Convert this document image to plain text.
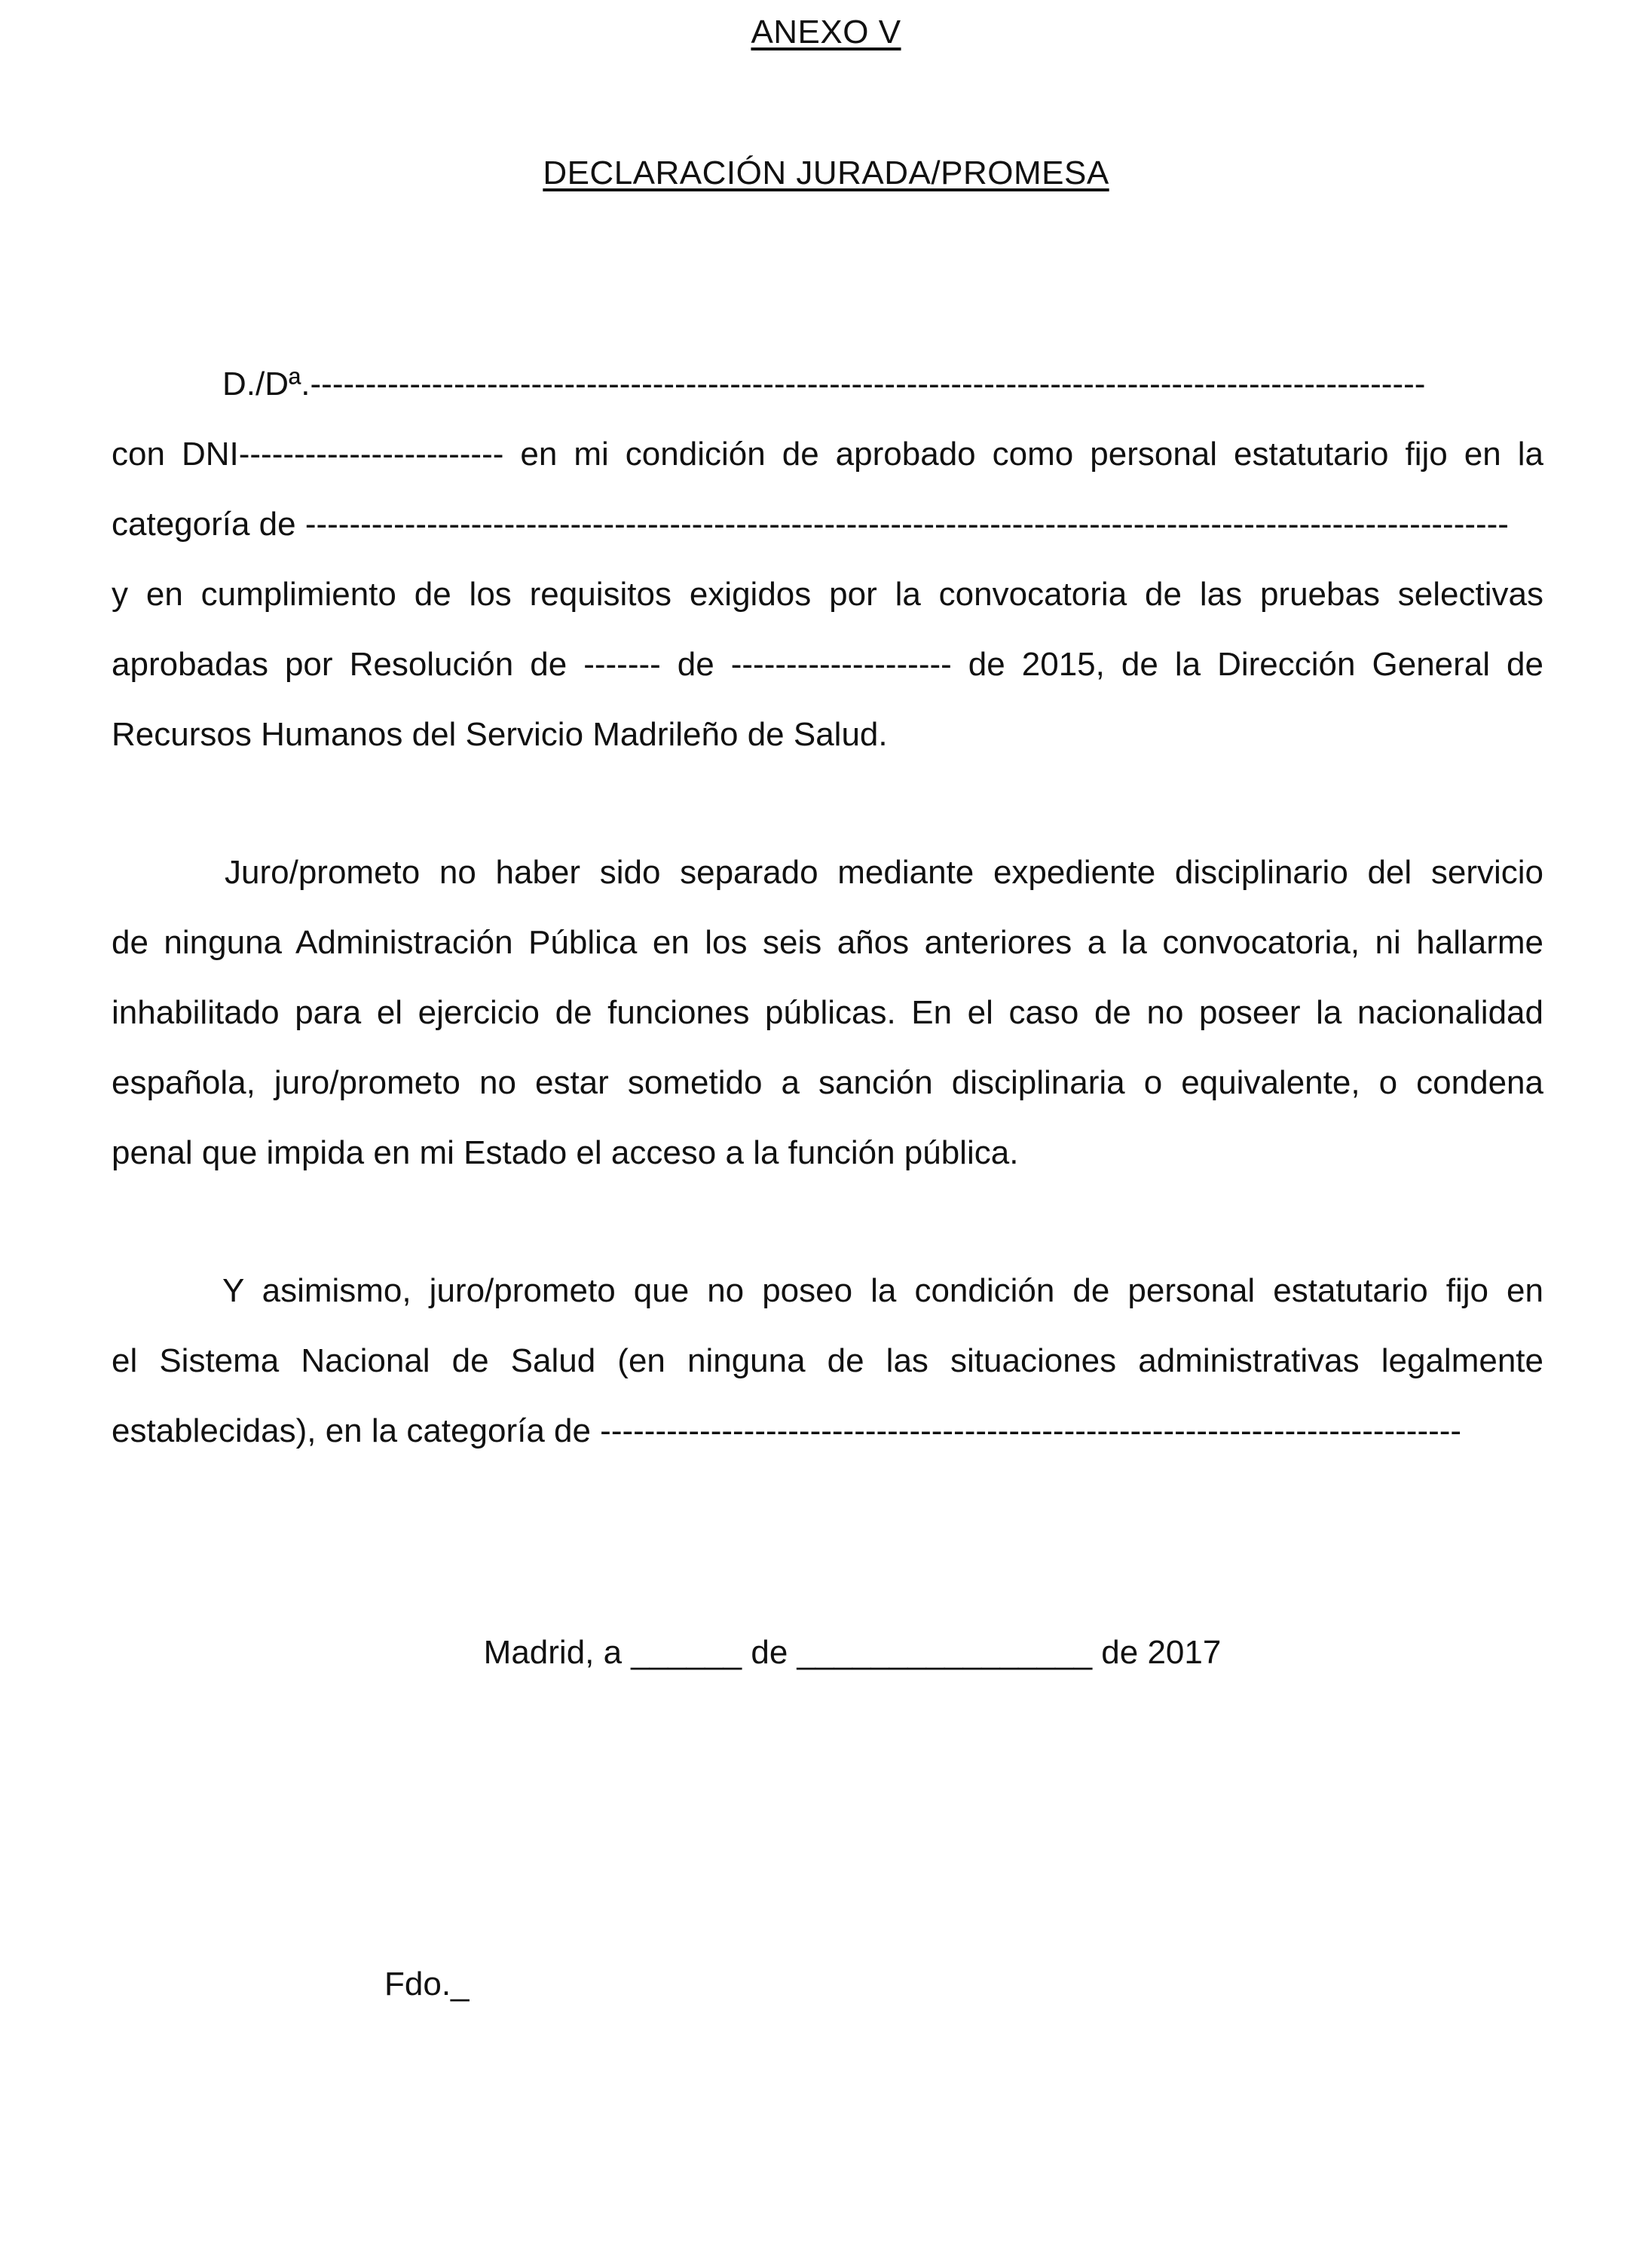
ANEXO V
DECLARACIÓN JURADA/PROMESA
D./Dª.-----------------------------------------------------------------------------------------------------
con DNI------------------------ en mi condición de aprobado como personal estatutario fijo en la
categoría de -------------------------------------------------------------------------------------------------------------
y en cumplimiento de los requisitos exigidos por la convocatoria de las pruebas selectivas
aprobadas por Resolución de ------- de -------------------- de 2015, de la Dirección General de
Recursos Humanos del Servicio Madrileño de Salud.
Juro/prometo no haber sido separado mediante expediente disciplinario del servicio
de ninguna Administración Pública en los seis años anteriores a la convocatoria, ni hallarme
inhabilitado para el ejercicio de funciones públicas. En el caso de no poseer la nacionalidad
española, juro/prometo no estar sometido a sanción disciplinaria o equivalente, o condena
penal que impida en mi Estado el acceso a la función pública.
Y asimismo, juro/prometo que no poseo la condición de personal estatutario fijo en
el Sistema Nacional de Salud (en ninguna de las situaciones administrativas legalmente
establecidas), en la categoría de ------------------------------------------------------------------------------
Madrid, a ______ de ________________ de 2017
Fdo._
